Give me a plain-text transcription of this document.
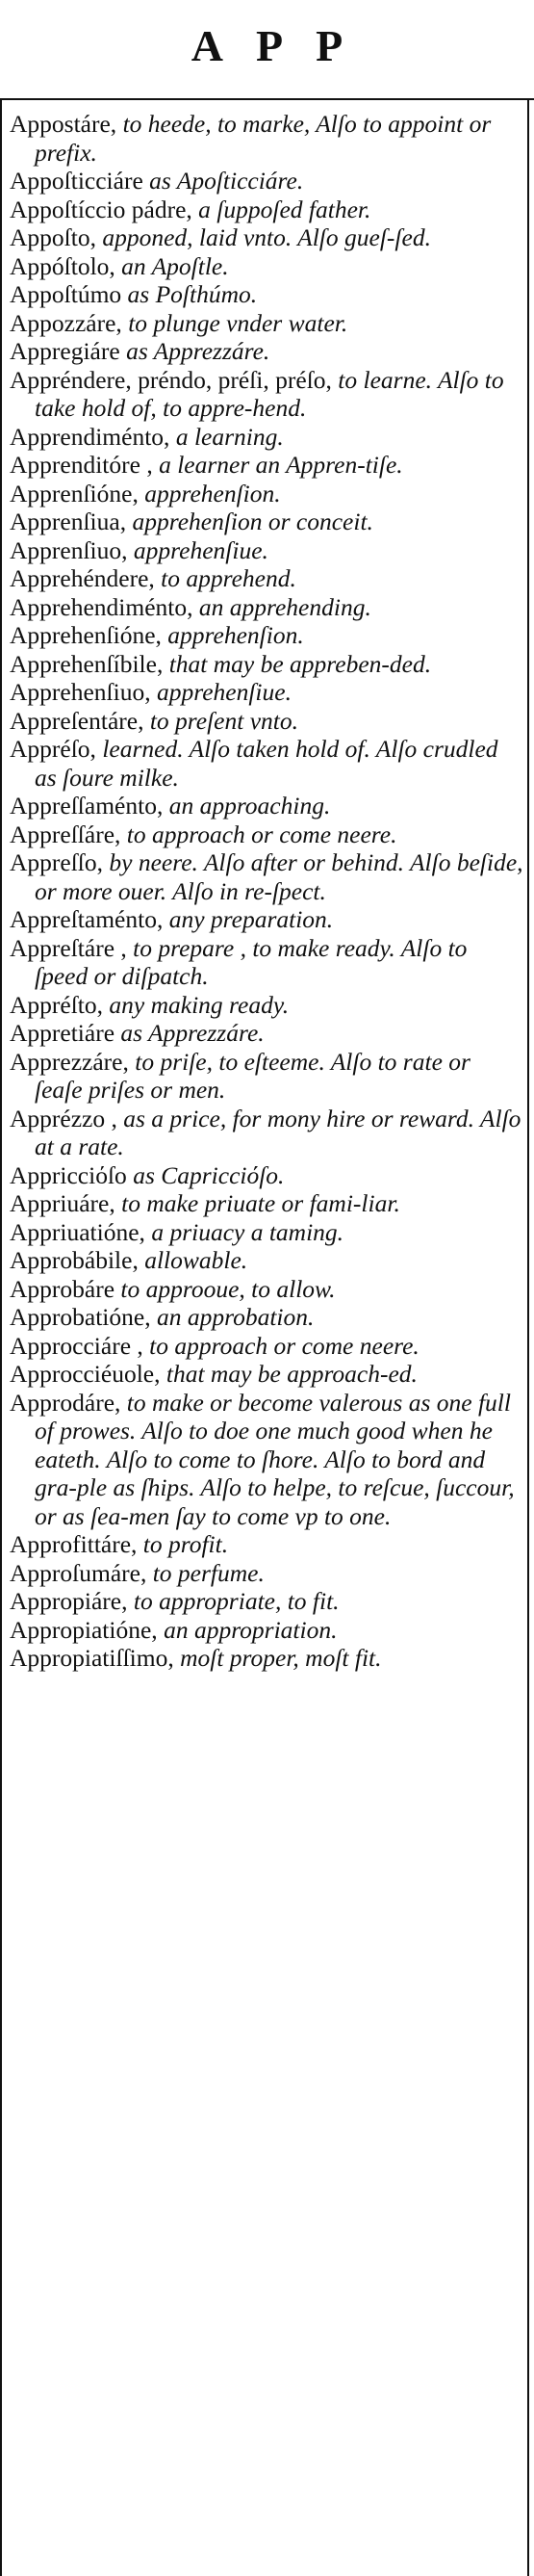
APP
Appostáre, to heede, to marke, Alſo to appoint or prefix.
Appoſticciáre as Apoſticciáre.
Appoſtíccio pádre, a ſuppoſed father.
Appoſto, apponed, laid vnto. Alſo gueſ-ſed.
Appóſtolo, an Apoſtle.
Appoſtúmo as Poſthúmo.
Appozzáre, to plunge vnder water.
Appregiáre as Apprezzáre.
Appréndere, préndo, préſi, préſo, to learne. Alſo to take hold of, to appre-hend.
Apprendiménto, a learning.
Apprenditóre , a learner an Appren-tiſe.
Apprenſióne, apprehenſion.
Apprenſiua, apprehenſion or conceit.
Apprenſiuo, apprehenſiue.
Apprehéndere, to apprehend.
Apprehendiménto, an apprehending.
Apprehenſióne, apprehenſion.
Apprehenſíbile, that may be appreben-ded.
Apprehenſiuo, apprehenſiue.
Appreſentáre, to preſent vnto.
Appréſo, learned. Alſo taken hold of. Alſo crudled as ſoure milke.
Appreſſaménto, an approaching.
Appreſſáre, to approach or come neere.
Appreſſo, by neere. Alſo after or behind. Alſo beſide, or more ouer. Alſo in re-ſpect.
Appreſtaménto, any preparation.
Appreſtáre , to prepare , to make ready. Alſo to ſpeed or diſpatch.
Appréſto, any making ready.
Appretiáre as Apprezzáre.
Apprezzáre, to priſe, to eſteeme. Alſo to rate or ſeaſe priſes or men.
Apprézzo , as a price, for mony hire or reward. Alſo at a rate.
Appricciόſo as Capricciόſo.
Appriuáre, to make priuate or fami-liar.
Appriuatióne, a priuacy a taming.
Approbábile, allowable.
Approbáre to approoue, to allow.
Approbatióne, an approbation.
Approcciáre , to approach or come neere.
Approcciéuole, that may be approach-ed.
Approdáre, to make or become valerous as one full of prowes. Alſo to doe one much good when he eateth. Alſo to come to ſhore. Alſo to bord and gra-ple as ſhips. Alſo to helpe, to reſcue, ſuccour, or as ſea-men ſay to come vp to one.
Approfittáre, to profit.
Approſumáre, to perfume.
Appropiáre, to appropriate, to fit.
Appropiatióne, an appropriation.
Appropiatiſſimo, moſt proper, moſt fit.
